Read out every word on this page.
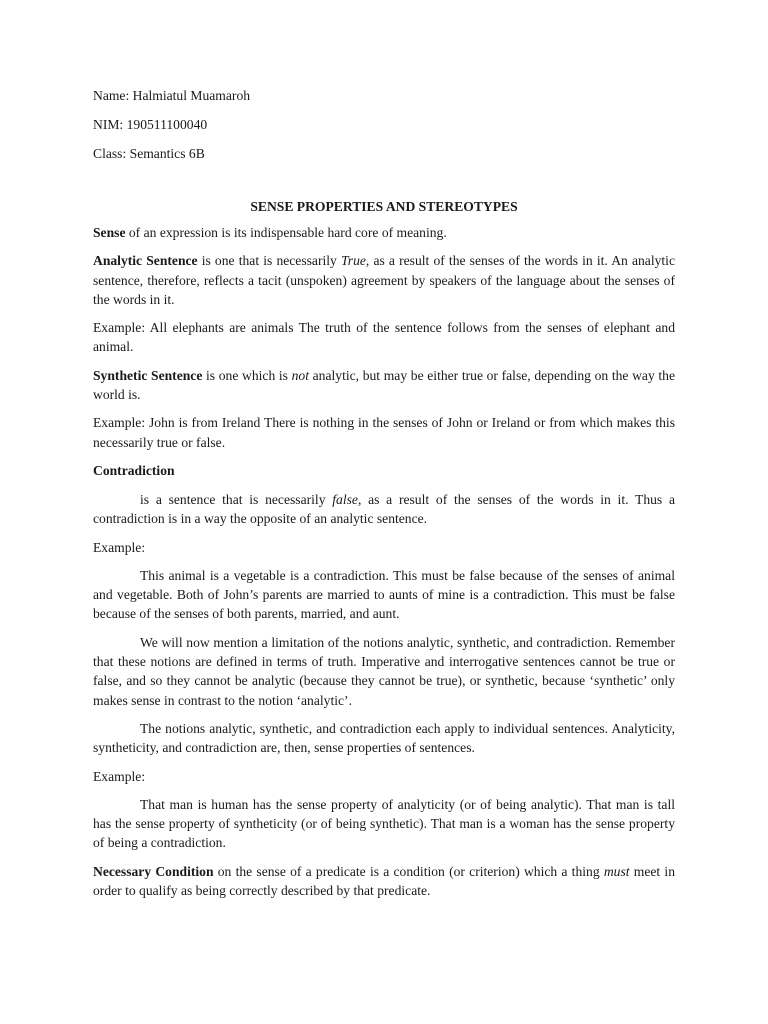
Name: Halmiatul Muamaroh
NIM: 190511100040
Class: Semantics 6B
SENSE PROPERTIES AND STEREOTYPES

Sense of an expression is its indispensable hard core of meaning.

Analytic Sentence is one that is necessarily True, as a result of the senses of the words in it. An analytic sentence, therefore, reflects a tacit (unspoken) agreement by speakers of the language about the senses of the words in it.

Example: All elephants are animals The truth of the sentence follows from the senses of elephant and animal.

Synthetic Sentence is one which is not analytic, but may be either true or false, depending on the way the world is.

Example: John is from Ireland There is nothing in the senses of John or Ireland or from which makes this necessarily true or false.

Contradiction

is a sentence that is necessarily false, as a result of the senses of the words in it. Thus a contradiction is in a way the opposite of an analytic sentence.

Example:

This animal is a vegetable is a contradiction. This must be false because of the senses of animal and vegetable. Both of John’s parents are married to aunts of mine is a contradiction. This must be false because of the senses of both parents, married, and aunt.

We will now mention a limitation of the notions analytic, synthetic, and contradiction. Remember that these notions are defined in terms of truth. Imperative and interrogative sentences cannot be true or false, and so they cannot be analytic (because they cannot be true), or synthetic, because ‘synthetic’ only makes sense in contrast to the notion ‘analytic’.

The notions analytic, synthetic, and contradiction each apply to individual sentences. Analyticity, syntheticity, and contradiction are, then, sense properties of sentences.

Example:

That man is human has the sense property of analyticity (or of being analytic). That man is tall has the sense property of syntheticity (or of being synthetic). That man is a woman has the sense property of being a contradiction.

Necessary Condition on the sense of a predicate is a condition (or criterion) which a thing must meet in order to qualify as being correctly described by that predicate.
